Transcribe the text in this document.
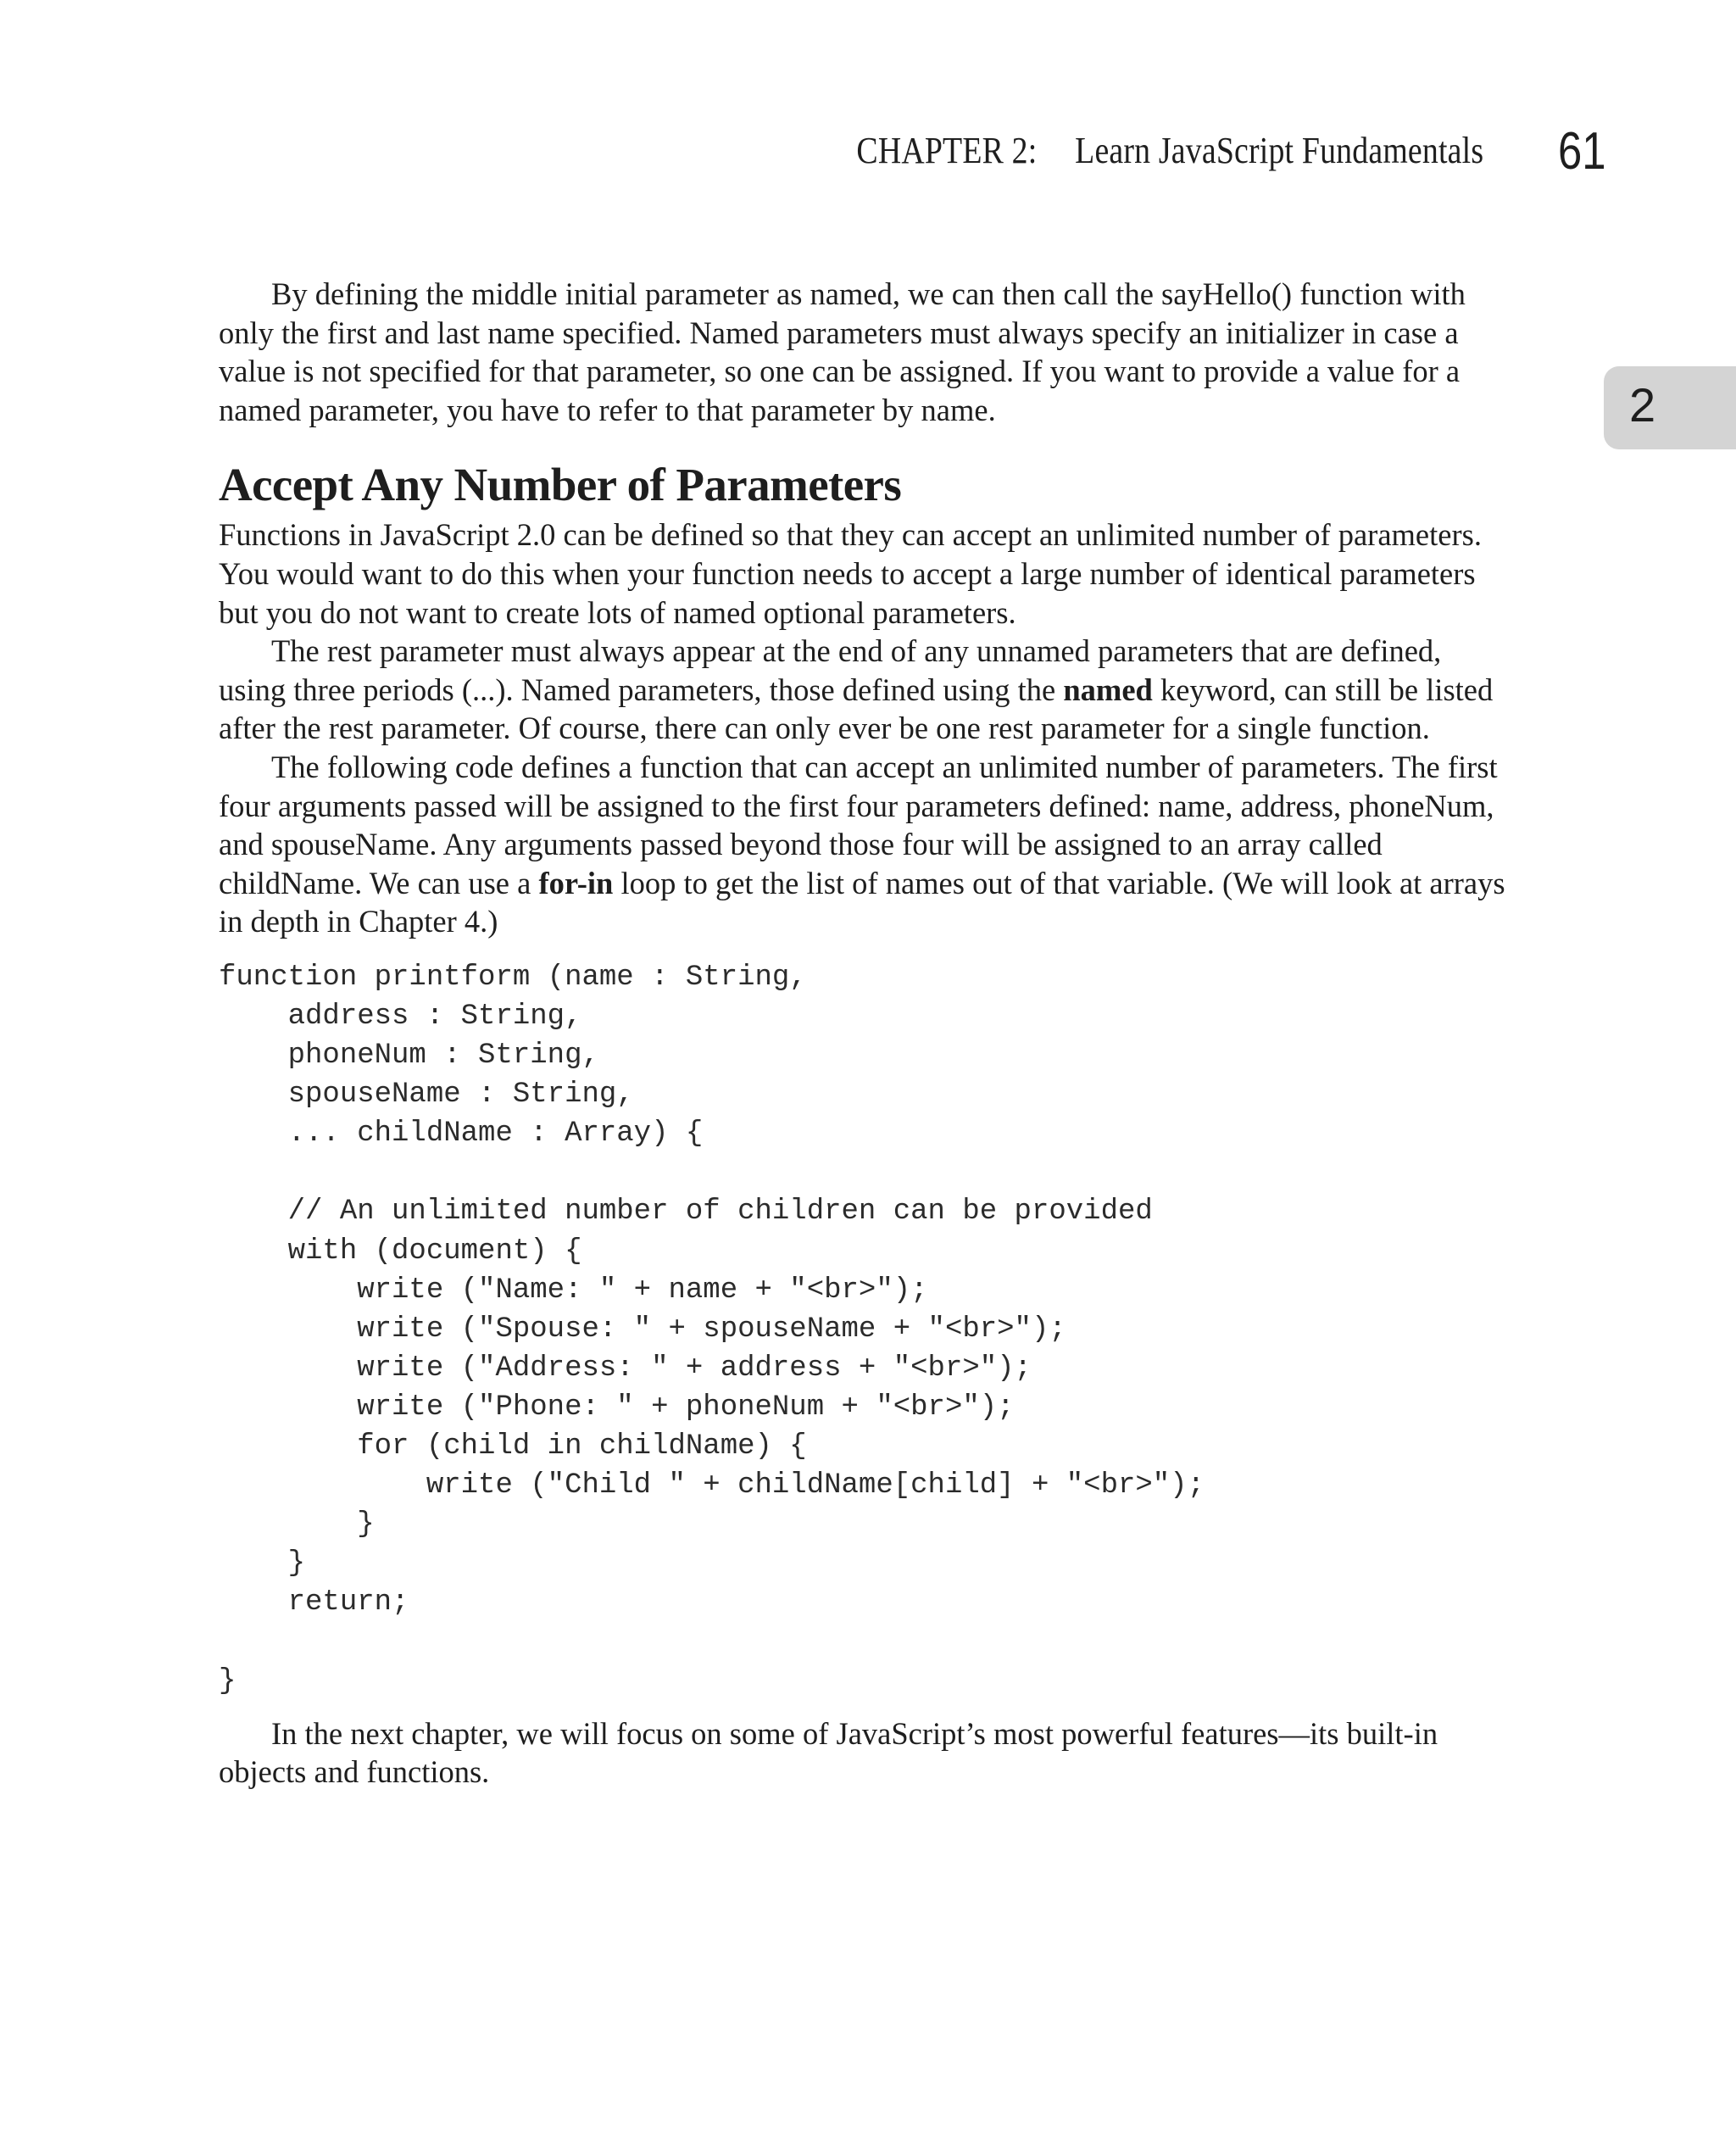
CHAPTER 2: Learn JavaScript Fundamentals 61
2

By defining the middle initial parameter as named, we can then call the sayHello() function with only the first and last name specified. Named parameters must always specify an initializer in case a value is not specified for that parameter, so one can be assigned. If you want to provide a value for a named parameter, you have to refer to that parameter by name.

Accept Any Number of Parameters

Functions in JavaScript 2.0 can be defined so that they can accept an unlimited number of parameters. You would want to do this when your function needs to accept a large number of identical parameters but you do not want to create lots of named optional parameters.

The rest parameter must always appear at the end of any unnamed parameters that are defined, using three periods (...). Named parameters, those defined using the named keyword, can still be listed after the rest parameter. Of course, there can only ever be one rest parameter for a single function.

The following code defines a function that can accept an unlimited number of parameters. The first four arguments passed will be assigned to the first four parameters defined: name, address, phoneNum, and spouseName. Any arguments passed beyond those four will be assigned to an array called childName. We can use a for-in loop to get the list of names out of that variable. (We will look at arrays in depth in Chapter 4.)

function printform (name : String,
address : String,
phoneNum : String,
spouseName : String,
... childName : Array) {

// An unlimited number of children can be provided
with (document) {
write ("Name: " + name + "<br>");
write ("Spouse: " + spouseName + "<br>");
write ("Address: " + address + "<br>");
write ("Phone: " + phoneNum + "<br>");
for (child in childName) {
write ("Child " + childName[child] + "<br>");
}
}
return;

}

In the next chapter, we will focus on some of JavaScript’s most powerful features—its built-in objects and functions.
